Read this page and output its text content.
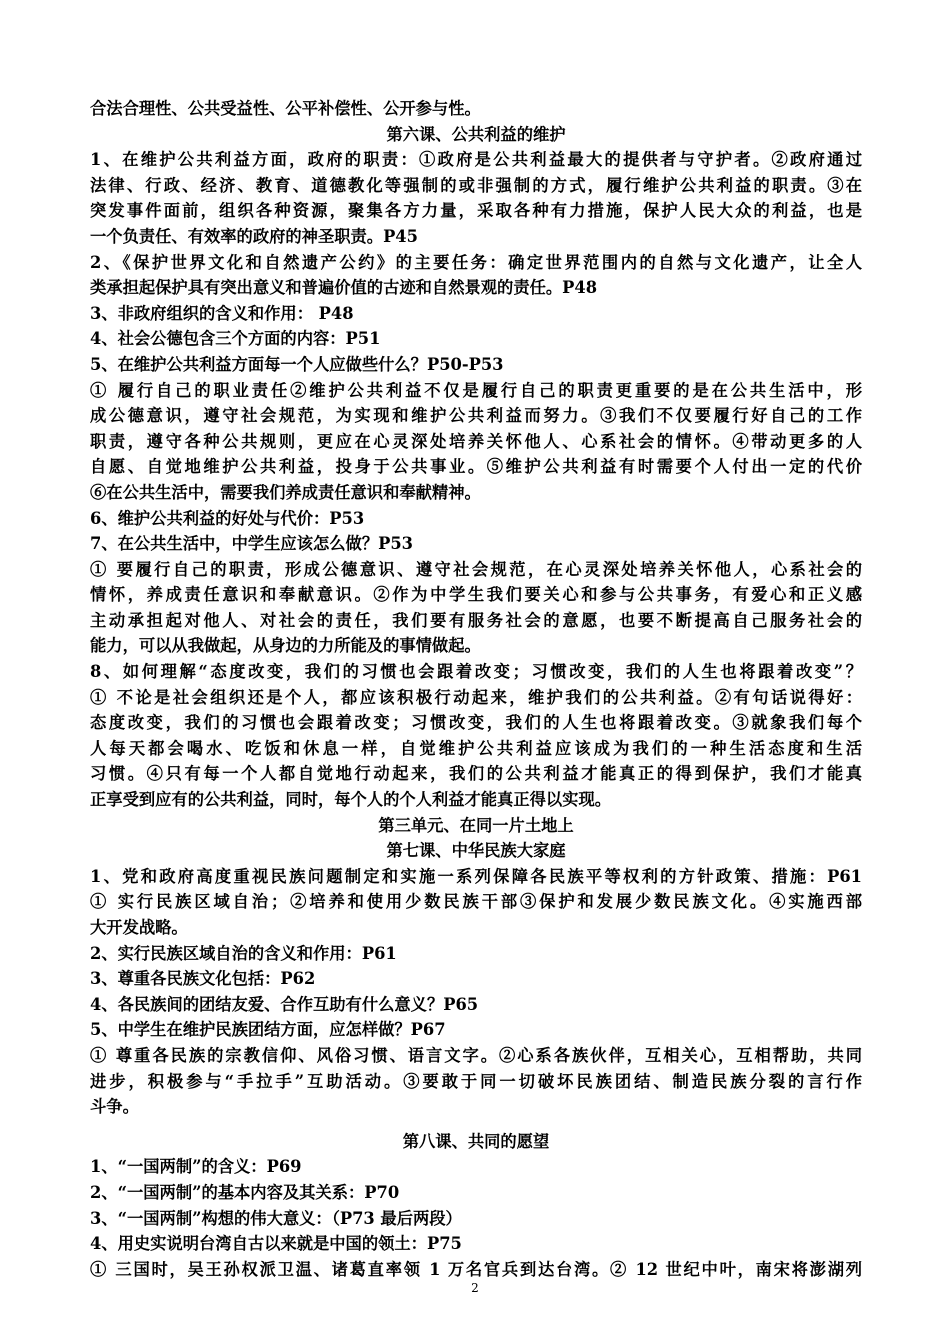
合法合理性、公共受益性、公平补偿性、公开参与性。
第六课、公共利益的维护
1、在维护公共利益方面，政府的职责：①政府是公共利益最大的提供者与守护者。②政府通过
法律、行政、经济、教育、道德教化等强制的或非强制的方式，履行维护公共利益的职责。③在
突发事件面前，组织各种资源，聚集各方力量，采取各种有力措施，保护人民大众的利益，也是
一个负责任、有效率的政府的神圣职责。P45
2、《保护世界文化和自然遗产公约》的主要任务：确定世界范围内的自然与文化遗产，让全人
类承担起保护具有突出意义和普遍价值的古迹和自然景观的责任。P48
3、非政府组织的含义和作用： P48
4、社会公德包含三个方面的内容：P51
5、在维护公共利益方面每一个人应做些什么？P50-P53
① 履行自己的职业责任②维护公共利益不仅是履行自己的职责更重要的是在公共生活中，形
成公德意识，遵守社会规范，为实现和维护公共利益而努力。③我们不仅要履行好自己的工作
职责，遵守各种公共规则，更应在心灵深处培养关怀他人、心系社会的情怀。④带动更多的人
自愿、自觉地维护公共利益，投身于公共事业。⑤维护公共利益有时需要个人付出一定的代价
⑥在公共生活中，需要我们养成责任意识和奉献精神。
6、维护公共利益的好处与代价：P53
7、在公共生活中，中学生应该怎么做？P53
① 要履行自己的职责，形成公德意识、遵守社会规范，在心灵深处培养关怀他人，心系社会的
情怀，养成责任意识和奉献意识。②作为中学生我们要关心和参与公共事务，有爱心和正义感
主动承担起对他人、对社会的责任，我们要有服务社会的意愿，也要不断提高自己服务社会的
能力，可以从我做起，从身边的力所能及的事情做起。
8、如何理解“态度改变，我们的习惯也会跟着改变；习惯改变，我们的人生也将跟着改变”？
① 不论是社会组织还是个人，都应该积极行动起来，维护我们的公共利益。②有句话说得好：
态度改变，我们的习惯也会跟着改变；习惯改变，我们的人生也将跟着改变。③就象我们每个
人每天都会喝水、吃饭和休息一样，自觉维护公共利益应该成为我们的一种生活态度和生活
习惯。④只有每一个人都自觉地行动起来，我们的公共利益才能真正的得到保护，我们才能真
正享受到应有的公共利益，同时，每个人的个人利益才能真正得以实现。
第三单元、在同一片土地上
第七课、中华民族大家庭
1、党和政府高度重视民族问题制定和实施一系列保障各民族平等权利的方针政策、措施：P61
① 实行民族区域自治；②培养和使用少数民族干部③保护和发展少数民族文化。④实施西部
大开发战略。
2、实行民族区域自治的含义和作用：P61
3、尊重各民族文化包括：P62
4、各民族间的团结友爱、合作互助有什么意义？P65
5、中学生在维护民族团结方面，应怎样做？P67
① 尊重各民族的宗教信仰、风俗习惯、语言文字。②心系各族伙伴，互相关心，互相帮助，共同
进步，积极参与“手拉手”互助活动。③要敢于同一切破坏民族团结、制造民族分裂的言行作
斗争。
第八课、共同的愿望
1、“一国两制”的含义：P69
2、“一国两制”的基本内容及其关系：P70
3、“一国两制”构想的伟大意义：（P73 最后两段）
4、用史实说明台湾自古以来就是中国的领土：P75
① 三国时，吴王孙权派卫温、诸葛直率领 1 万名官兵到达台湾。② 12 世纪中叶，南宋将澎湖列
2
